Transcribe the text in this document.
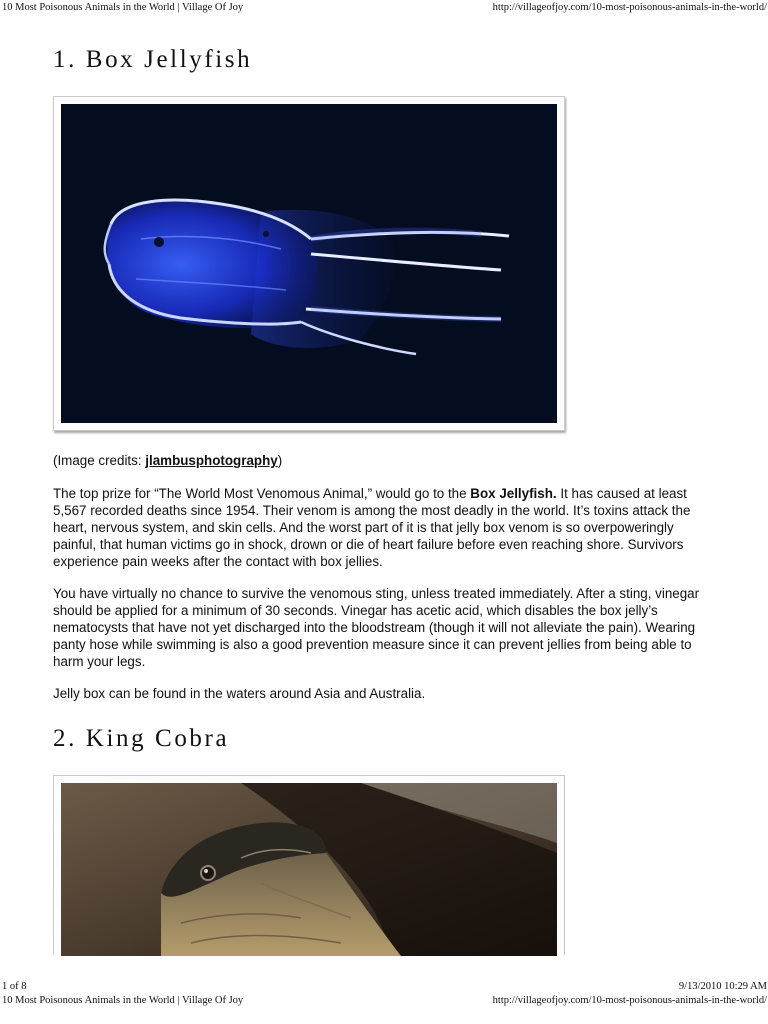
10 Most Poisonous Animals in the World | Village Of Joy	http://villageofjoy.com/10-most-poisonous-animals-in-the-world/
1. Box Jellyfish

(Image credits: jlambusphotography)

The top prize for “The World Most Venomous Animal,” would go to the Box Jellyfish. It has caused at least 5,567 recorded deaths since 1954. Their venom is among the most deadly in the world. It’s toxins attack the heart, nervous system, and skin cells. And the worst part of it is that jelly box venom is so overpoweringly painful, that human victims go in shock, drown or die of heart failure before even reaching shore. Survivors experience pain weeks after the contact with box jellies.

You have virtually no chance to survive the venomous sting, unless treated immediately. After a sting, vinegar should be applied for a minimum of 30 seconds. Vinegar has acetic acid, which disables the box jelly’s nematocysts that have not yet discharged into the bloodstream (though it will not alleviate the pain). Wearing panty hose while swimming is also a good prevention measure since it can prevent jellies from being able to harm your legs.

Jelly box can be found in the waters around Asia and Australia.

2. King Cobra
1 of 8	9/13/2010 10:29 AM
10 Most Poisonous Animals in the World | Village Of Joy	http://villageofjoy.com/10-most-poisonous-animals-in-the-world/
